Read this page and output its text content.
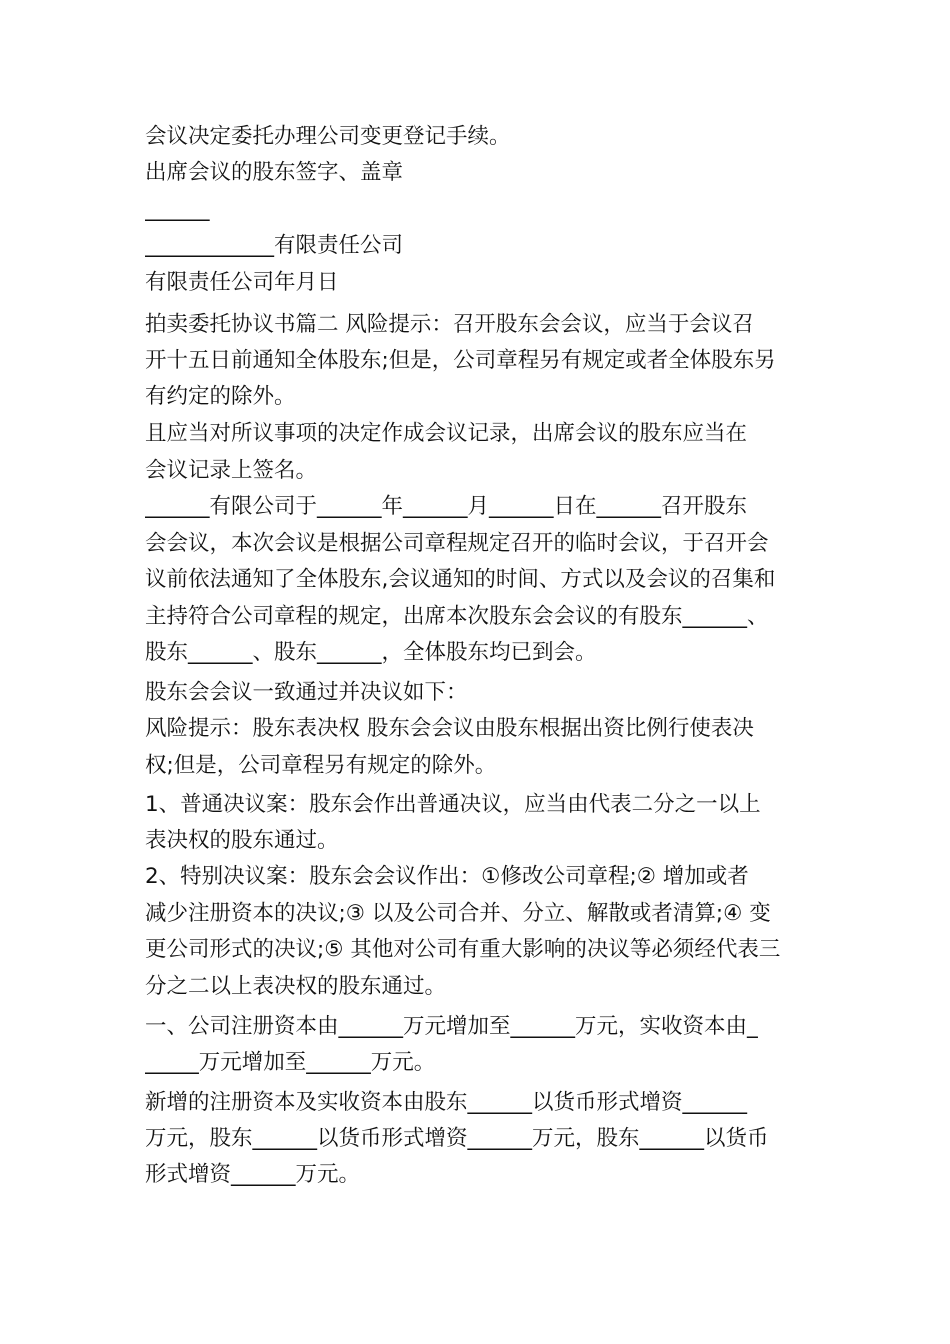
会议决定委托办理公司变更登记手续。
出席会议的股东签字、盖章
______
____________有限责任公司
有限责任公司年月日
拍卖委托协议书篇二 风险提示：召开股东会会议，应当于会议召
开十五日前通知全体股东;但是，公司章程另有规定或者全体股东另
有约定的除外。
且应当对所议事项的决定作成会议记录，出席会议的股东应当在
会议记录上签名。
______有限公司于______年______月______日在______召开股东
会会议，本次会议是根据公司章程规定召开的临时会议，于召开会
议前依法通知了全体股东,会议通知的时间、方式以及会议的召集和
主持符合公司章程的规定，出席本次股东会会议的有股东______、
股东______、股东______，全体股东均已到会。
股东会会议一致通过并决议如下：
风险提示：股东表决权 股东会会议由股东根据出资比例行使表决
权;但是，公司章程另有规定的除外。
1、普通决议案：股东会作出普通决议，应当由代表二分之一以上
表决权的股东通过。
2、特别决议案：股东会会议作出：①修改公司章程;② 增加或者
减少注册资本的决议;③ 以及公司合并、分立、解散或者清算;④ 变
更公司形式的决议;⑤ 其他对公司有重大影响的决议等必须经代表三
分之二以上表决权的股东通过。
一、公司注册资本由______万元增加至______万元，实收资本由_
_____万元增加至______万元。
新增的注册资本及实收资本由股东______以货币形式增资______
万元，股东______以货币形式增资______万元，股东______以货币
形式增资______万元。
